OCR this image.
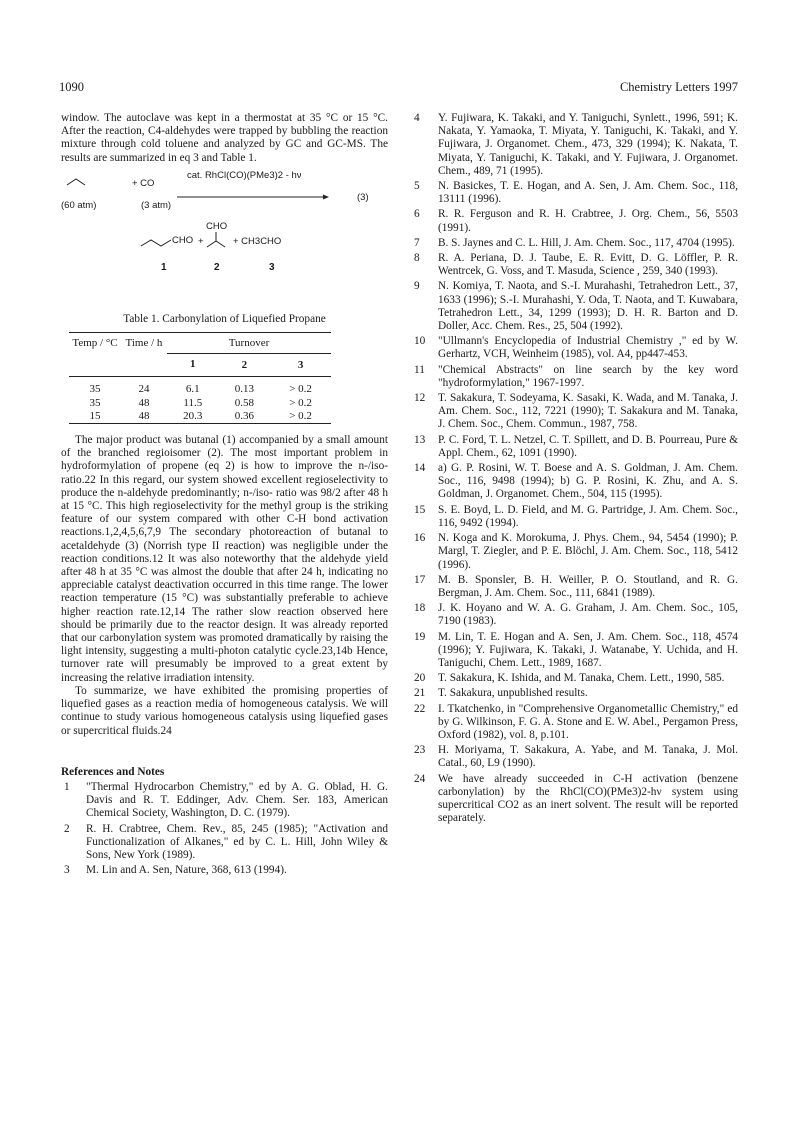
1090	Chemistry Letters 1997

window. The autoclave was kept in a thermostat at 35 °C or 15 °C. After the reaction, C4-aldehydes were trapped by bubbling the reaction mixture through cold toluene and analyzed by GC and GC-MS. The results are summarized in eq 3 and Table 1.

+ CO
cat. RhCl(CO)(PMe3)2 - hν
(60 atm)	(3 atm)
(3)
CHO
CHO +	+ CH3CHO
1	2	3
Table 1. Carbonylation of Liquefied Propane
Temp / °C	Time / h	Turnover		
		1	2	3

35	24	6.1	0.13	> 0.2
35	48	11.5	0.58	> 0.2
15	48	20.3	0.36	> 0.2

The major product was butanal (1) accompanied by a small amount of the branched regioisomer (2). The most important problem in hydroformylation of propene (eq 2) is how to improve the n-/iso- ratio.22 In this regard, our system showed excellent regioselectivity to produce the n-aldehyde predominantly; n-/iso- ratio was 98/2 after 48 h at 15 °C. This high regioselectivity for the methyl group is the striking feature of our system compared with other C-H bond activation reactions.1,2,4,5,6,7,9 The secondary photoreaction of butanal to acetaldehyde (3) (Norrish type II reaction) was negligible under the reaction conditions.12 It was also noteworthy that the aldehyde yield after 48 h at 35 °C was almost the double that after 24 h, indicating no appreciable catalyst deactivation occurred in this time range. The lower reaction temperature (15 °C) was substantially preferable to achieve higher reaction rate.12,14 The rather slow reaction observed here should be primarily due to the reactor design. It was already reported that our carbonylation system was promoted dramatically by raising the light intensity, suggesting a multi-photon catalytic cycle.23,14b Hence, turnover rate will presumably be improved to a great extent by increasing the relative irradiation intensity.

To summarize, we have exhibited the promising properties of liquefied gases as a reaction media of homogeneous catalysis. We will continue to study various homogeneous catalysis using liquefied gases or supercritical fluids.24

References and Notes
1	"Thermal Hydrocarbon Chemistry," ed by A. G. Oblad, H. G. Davis and R. T. Eddinger, Adv. Chem. Ser. 183, American Chemical Society, Washington, D. C. (1979).
2	R. H. Crabtree, Chem. Rev., 85, 245 (1985); "Activation and Functionalization of Alkanes," ed by C. L. Hill, John Wiley & Sons, New York (1989).
3	M. Lin and A. Sen, Nature, 368, 613 (1994).
4	Y. Fujiwara, K. Takaki, and Y. Taniguchi, Synlett., 1996, 591; K. Nakata, Y. Yamaoka, T. Miyata, Y. Taniguchi, K. Takaki, and Y. Fujiwara, J. Organomet. Chem., 473, 329 (1994); K. Nakata, T. Miyata, Y. Taniguchi, K. Takaki, and Y. Fujiwara, J. Organomet. Chem., 489, 71 (1995).
5	N. Basickes, T. E. Hogan, and A. Sen, J. Am. Chem. Soc., 118, 13111 (1996).
6	R. R. Ferguson and R. H. Crabtree, J. Org. Chem., 56, 5503 (1991).
7	B. S. Jaynes and C. L. Hill, J. Am. Chem. Soc., 117, 4704 (1995).
8	R. A. Periana, D. J. Taube, E. R. Evitt, D. G. Löffler, P. R. Wentrcek, G. Voss, and T. Masuda, Science , 259, 340 (1993).
9	N. Komiya, T. Naota, and S.-I. Murahashi, Tetrahedron Lett., 37, 1633 (1996); S.-I. Murahashi, Y. Oda, T. Naota, and T. Kuwabara, Tetrahedron Lett., 34, 1299 (1993); D. H. R. Barton and D. Doller, Acc. Chem. Res., 25, 504 (1992).
10	"Ullmann's Encyclopedia of Industrial Chemistry ," ed by W. Gerhartz, VCH, Weinheim (1985), vol. A4, pp447-453.
11	"Chemical Abstracts" on line search by the key word "hydroformylation," 1967-1997.
12	T. Sakakura, T. Sodeyama, K. Sasaki, K. Wada, and M. Tanaka, J. Am. Chem. Soc., 112, 7221 (1990); T. Sakakura and M. Tanaka, J. Chem. Soc., Chem. Commun., 1987, 758.
13	P. C. Ford, T. L. Netzel, C. T. Spillett, and D. B. Pourreau, Pure & Appl. Chem., 62, 1091 (1990).
14	a) G. P. Rosini, W. T. Boese and A. S. Goldman, J. Am. Chem. Soc., 116, 9498 (1994); b) G. P. Rosini, K. Zhu, and A. S. Goldman, J. Organomet. Chem., 504, 115 (1995).
15	S. E. Boyd, L. D. Field, and M. G. Partridge, J. Am. Chem. Soc., 116, 9492 (1994).
16	N. Koga and K. Morokuma, J. Phys. Chem., 94, 5454 (1990); P. Margl, T. Ziegler, and P. E. Blöchl, J. Am. Chem. Soc., 118, 5412 (1996).
17	M. B. Sponsler, B. H. Weiller, P. O. Stoutland, and R. G. Bergman, J. Am. Chem. Soc., 111, 6841 (1989).
18	J. K. Hoyano and W. A. G. Graham, J. Am. Chem. Soc., 105, 7190 (1983).
19	M. Lin, T. E. Hogan and A. Sen, J. Am. Chem. Soc., 118, 4574 (1996); Y. Fujiwara, K. Takaki, J. Watanabe, Y. Uchida, and H. Taniguchi, Chem. Lett., 1989, 1687.
20	T. Sakakura, K. Ishida, and M. Tanaka, Chem. Lett., 1990, 585.
21	T. Sakakura, unpublished results.
22	I. Tkatchenko, in "Comprehensive Organometallic Chemistry," ed by G. Wilkinson, F. G. A. Stone and E. W. Abel., Pergamon Press, Oxford (1982), vol. 8, p.101.
23	H. Moriyama, T. Sakakura, A. Yabe, and M. Tanaka, J. Mol. Catal., 60, L9 (1990).
24	We have already succeeded in C-H activation (benzene carbonylation) by the RhCl(CO)(PMe3)2-hν system using supercritical CO2 as an inert solvent. The result will be reported separately.
